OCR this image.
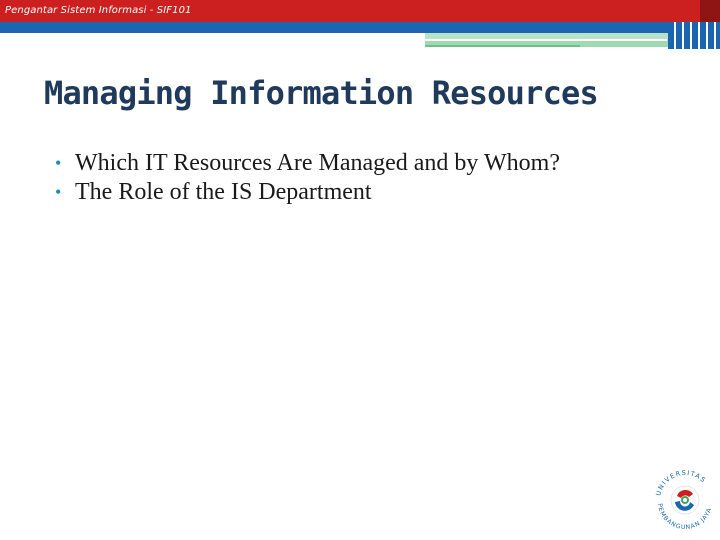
Pengantar Sistem Informasi - SIF101
Managing Information Resources
• Which IT Resources Are Managed and by Whom?
• The Role of the IS Department
UNIVERSITAS
PEMBANGUNAN JAYA
